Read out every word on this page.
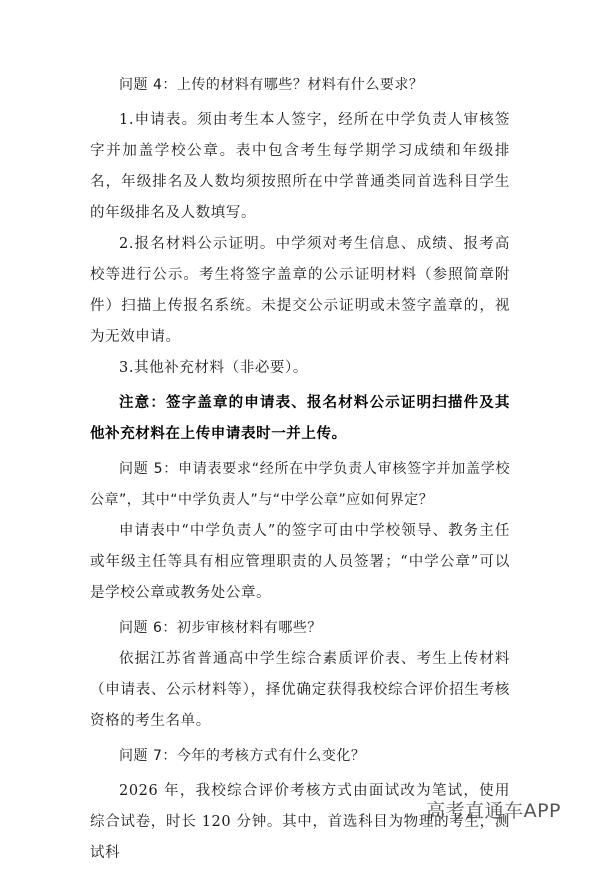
问题 4：上传的材料有哪些？材料有什么要求？

1.申请表。须由考生本人签字，经所在中学负责人审核签字并加盖学校公章。表中包含考生每学期学习成绩和年级排名，年级排名及人数均须按照所在中学普通类同首选科目学生的年级排名及人数填写。

2.报名材料公示证明。中学须对考生信息、成绩、报考高校等进行公示。考生将签字盖章的公示证明材料（参照简章附件）扫描上传报名系统。未提交公示证明或未签字盖章的，视为无效申请。

3.其他补充材料（非必要）。

注意：签字盖章的申请表、报名材料公示证明扫描件及其他补充材料在上传申请表时一并上传。

问题 5：申请表要求“经所在中学负责人审核签字并加盖学校公章”，其中“中学负责人”与“中学公章”应如何界定？

申请表中“中学负责人”的签字可由中学校领导、教务主任或年级主任等具有相应管理职责的人员签署；“中学公章”可以是学校公章或教务处公章。

问题 6：初步审核材料有哪些？

依据江苏省普通高中学生综合素质评价表、考生上传材料（申请表、公示材料等），择优确定获得我校综合评价招生考核资格的考生名单。

问题 7：今年的考核方式有什么变化？

2026 年，我校综合评价考核方式由面试改为笔试，使用综合试卷，时长 120 分钟。其中，首选科目为物理的考生，测试科

高考直通车APP
